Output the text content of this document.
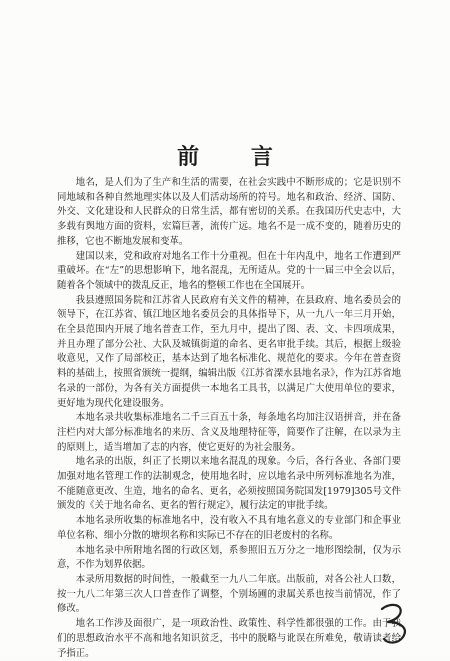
前 言

地名，是人们为了生产和生活的需要，在社会实践中不断形成的；它是识别不同地域和各种自然地理实体以及人们活动场所的符号。地名和政治、经济、国防、外交、文化建设和人民群众的日常生活，都有密切的关系。在我国历代史志中，大多载有舆地方面的资料，宏篇巨著，流传广远。地名不是一成不变的，随着历史的推移，它也不断地发展和变革。

建国以来，党和政府对地名工作十分重视。但在十年内乱中，地名工作遭到严重破坏。在“左”的思想影响下，地名混乱，无所适从。党的十一届三中全会以后，随着各个领域中的拨乱反正，地名的整顿工作也在全国展开。

我县遵照国务院和江苏省人民政府有关文件的精神，在县政府、地名委员会的领导下，在江苏省、镇江地区地名委员会的具体指导下，从一九八一年三月开始，在全县范围内开展了地名普查工作，至九月中，提出了图、表、文、卡四项成果，并且办理了部分公社、大队及城镇街道的命名、更名审批手续。其后，根据上级验收意见，又作了局部校正，基本达到了地名标准化、规范化的要求。今年在普查资料的基础上，按照省颁统一提纲，编辑出版《江苏省溧水县地名录》，作为江苏省地名录的一部份，为各有关方面提供一本地名工具书，以满足广大使用单位的要求，更好地为现代化建设服务。

本地名录共收集标准地名二千三百五十条，每条地名均加注汉语拼音，并在备注栏内对大部分标准地名的来历、含义及地理特征等，简要作了注解，在以录为主的原则上，适当增加了志的内容，使它更好的为社会服务。

地名录的出版，纠正了长期以来地名混乱的现象。今后，各行各业、各部门要加强对地名管理工作的法制观念，使用地名时，应以地名录中所列标准地名为准，不能随意更改、生造，地名的命名、更名，必须按照国务院国发[1979]305号文件颁发的《关于地名命名、更名的暂行规定》，履行法定的审批手续。

本地名录所收集的标准地名中，没有收入不具有地名意义的专业部门和企事业单位名称、细小分散的塘坝名称和实际已不存在的旧老废村的名称。

本地名录中所附地名图的行政区划，系参照旧五万分之一地形图绘制，仅为示意，不作为划界依据。

本录所用数据的时间性，一般截至一九八二年底。出版前，对各公社人口数，按一九八二年第三次人口普查作了调整，个别场圃的隶属关系也按当前情况，作了修改。

地名工作涉及面很广，是一项政治性、政策性、科学性都很强的工作。由于我们的思想政治水平不高和地名知识贫乏，书中的脱略与讹误在所难免，敬请读者给予指正。
